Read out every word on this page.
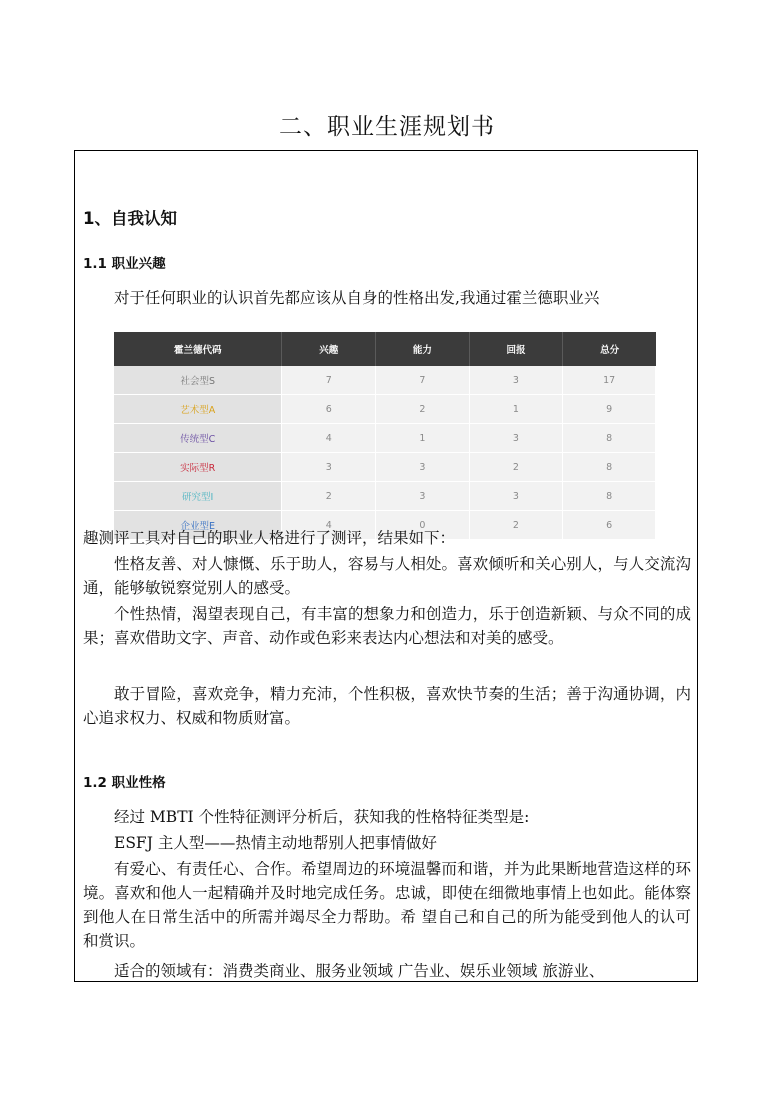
二、职业生涯规划书
1、自我认知
1.1 职业兴趣

对于任何职业的认识首先都应该从自身的性格出发,我通过霍兰德职业兴

霍兰德代码	兴趣	能力	回报	总分
社会型S	7	7	3	17
艺术型A	6	2	1	9
传统型C	4	1	3	8
实际型R	3	3	2	8
研究型I	2	3	3	8
企业型E	4	0	2	6

趣测评工具对自己的职业人格进行了测评，结果如下：

性格友善、对人慷慨、乐于助人，容易与人相处。喜欢倾听和关心别人，与人交流沟通，能够敏锐察觉别人的感受。

个性热情，渴望表现自己，有丰富的想象力和创造力，乐于创造新颖、与众不同的成果；喜欢借助文字、声音、动作或色彩来表达内心想法和对美的感受。

敢于冒险，喜欢竞争，精力充沛，个性积极，喜欢快节奏的生活；善于沟通协调，内心追求权力、权威和物质财富。

1.2 职业性格

经过 MBTI 个性特征测评分析后，获知我的性格特征类型是:

ESFJ 主人型——热情主动地帮别人把事情做好

有爱心、有责任心、合作。希望周边的环境温馨而和谐，并为此果断地营造这样的环境。喜欢和他人一起精确并及时地完成任务。忠诚，即使在细微地事情上也如此。能体察到他人在日常生活中的所需并竭尽全力帮助。希 望自己和自己的所为能受到他人的认可和赏识。

适合的领域有：消费类商业、服务业领域 广告业、娱乐业领域 旅游业、
